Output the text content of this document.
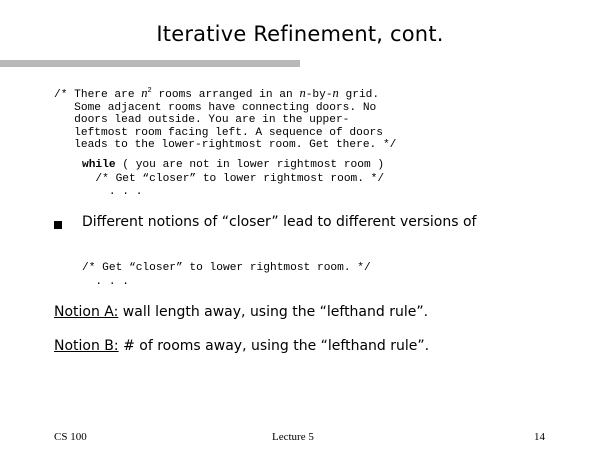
Iterative Refinement, cont.
/* There are $n^2$ rooms arranged in an n-by-n grid.
Some adjacent rooms have connecting doors. No
doors lead outside. You are in the upper-
leftmost room facing left. A sequence of doors
leads to the lower-rightmost room. Get there. */
while ( you are not in lower rightmost room )
/* Get “closer” to lower rightmost room. */
. . .
Different notions of “closer” lead to different versions of
/* Get “closer” to lower rightmost room. */
. . .
Notion A: wall length away, using the “lefthand rule”.
Notion B: # of rooms away, using the “lefthand rule”.
CS 100	Lecture 5	14
